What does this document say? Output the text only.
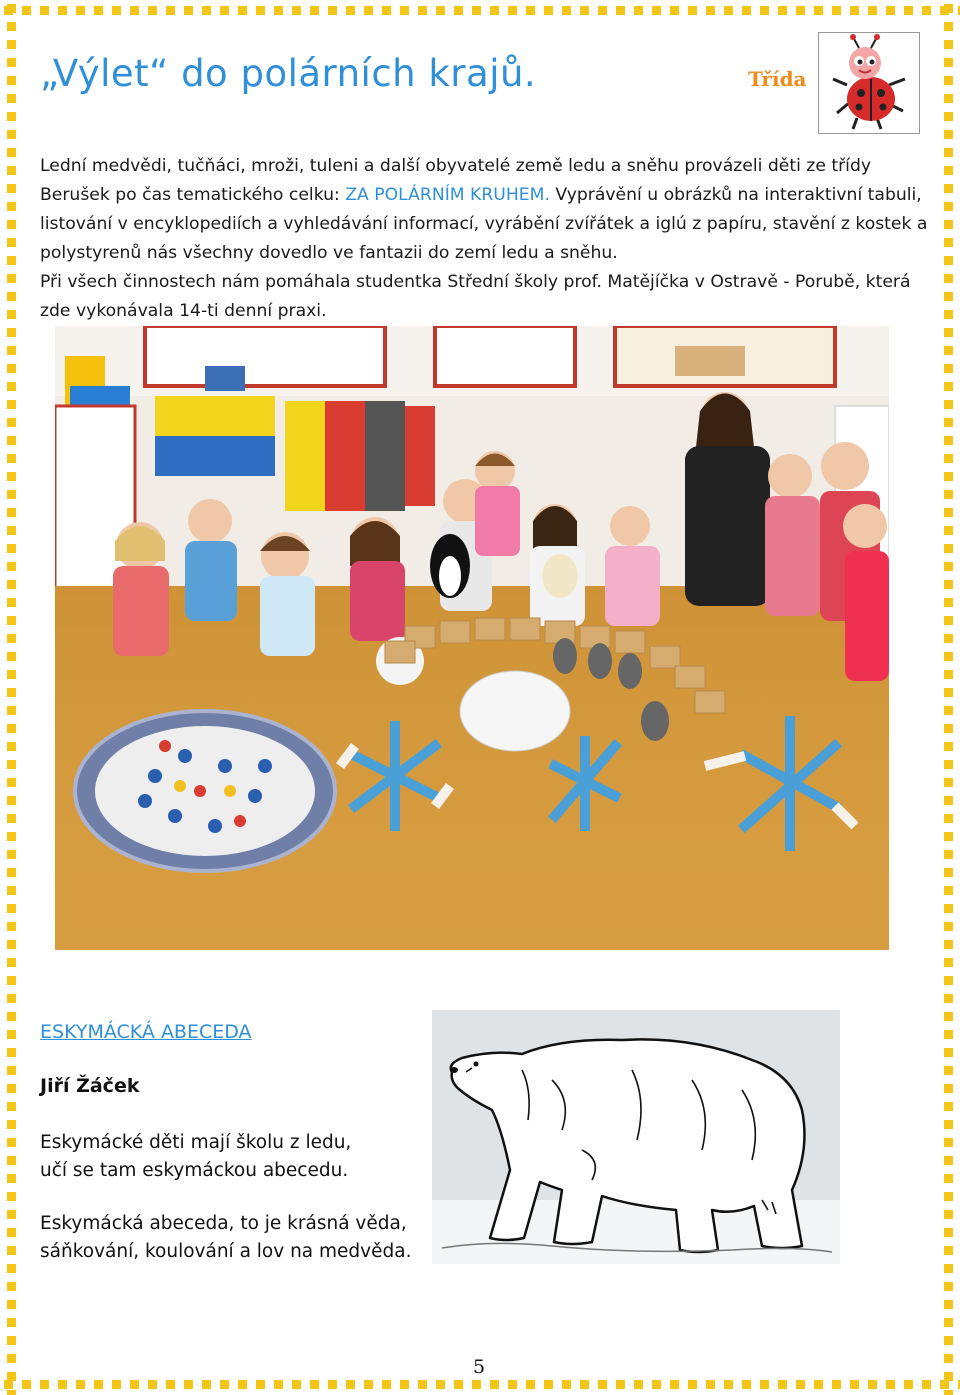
„Výlet“ do polárních krajů.	Třída
Lední medvědi, tučňáci, mroži, tuleni a další obyvatelé země ledu a sněhu provázeli děti ze třídy Berušek po čas tematického celku: ZA POLÁRNÍM KRUHEM. Vyprávění u obrázků na interaktivní tabuli, listování v encyklopediích a vyhledávání informací, vyrábění zvířátek a iglú z papíru, stavění z kostek a polystyrenů nás všechny dovedlo ve fantazii do zemí ledu a sněhu.
Při všech činnostech nám pomáhala studentka Střední školy prof. Matějíčka v Ostravě - Porubě, která zde vykonávala 14-ti denní praxi.
ESKYMÁCKÁ ABECEDA
Jiří Žáček
Eskymácké děti mají školu z ledu,
učí se tam eskymáckou abecedu.
Eskymácká abeceda, to je krásná věda,
sáňkování, koulování a lov na medvěda.
5
